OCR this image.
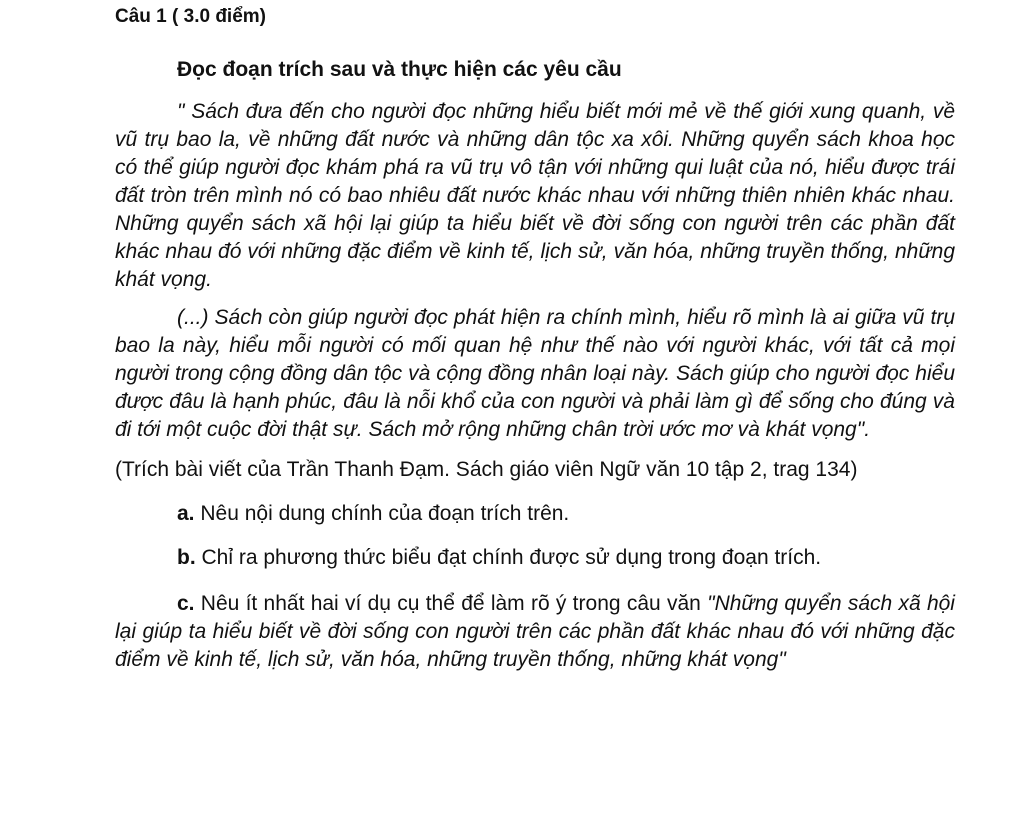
Câu 1 ( 3.0 điểm)

Đọc đoạn trích sau và thực hiện các yêu cầu

" Sách đưa đến cho người đọc những hiểu biết mới mẻ về thế giới xung quanh, về vũ trụ bao la, về những đất nước và những dân tộc xa xôi. Những quyển sách khoa học có thể giúp người đọc khám phá ra vũ trụ vô tận với những qui luật của nó, hiểu được trái đất tròn trên mình nó có bao nhiêu đất nước khác nhau với những thiên nhiên khác nhau. Những quyển sách xã hội lại giúp ta hiểu biết về đời sống con người trên các phần đất khác nhau đó với những đặc điểm về kinh tế, lịch sử, văn hóa, những truyền thống, những khát vọng.

(...) Sách còn giúp người đọc phát hiện ra chính mình, hiểu rõ mình là ai giữa vũ trụ bao la này, hiểu mỗi người có mối quan hệ như thế nào với người khác, với tất cả mọi người trong cộng đồng dân tộc và cộng đồng nhân loại này. Sách giúp cho người đọc hiểu được đâu là hạnh phúc, đâu là nỗi khổ của con người và phải làm gì để sống cho đúng và đi tới một cuộc đời thật sự. Sách mở rộng những chân trời ước mơ và khát vọng".

(Trích bài viết của Trần Thanh Đạm. Sách giáo viên Ngữ văn 10 tập 2, trag 134)

a. Nêu nội dung chính của đoạn trích trên.

b. Chỉ ra phương thức biểu đạt chính được sử dụng trong đoạn trích.

c. Nêu ít nhất hai ví dụ cụ thể để làm rõ ý trong câu văn "Những quyển sách xã hội lại giúp ta hiểu biết về đời sống con người trên các phần đất khác nhau đó với những đặc điểm về kinh tế, lịch sử, văn hóa, những truyền thống, những khát vọng"
